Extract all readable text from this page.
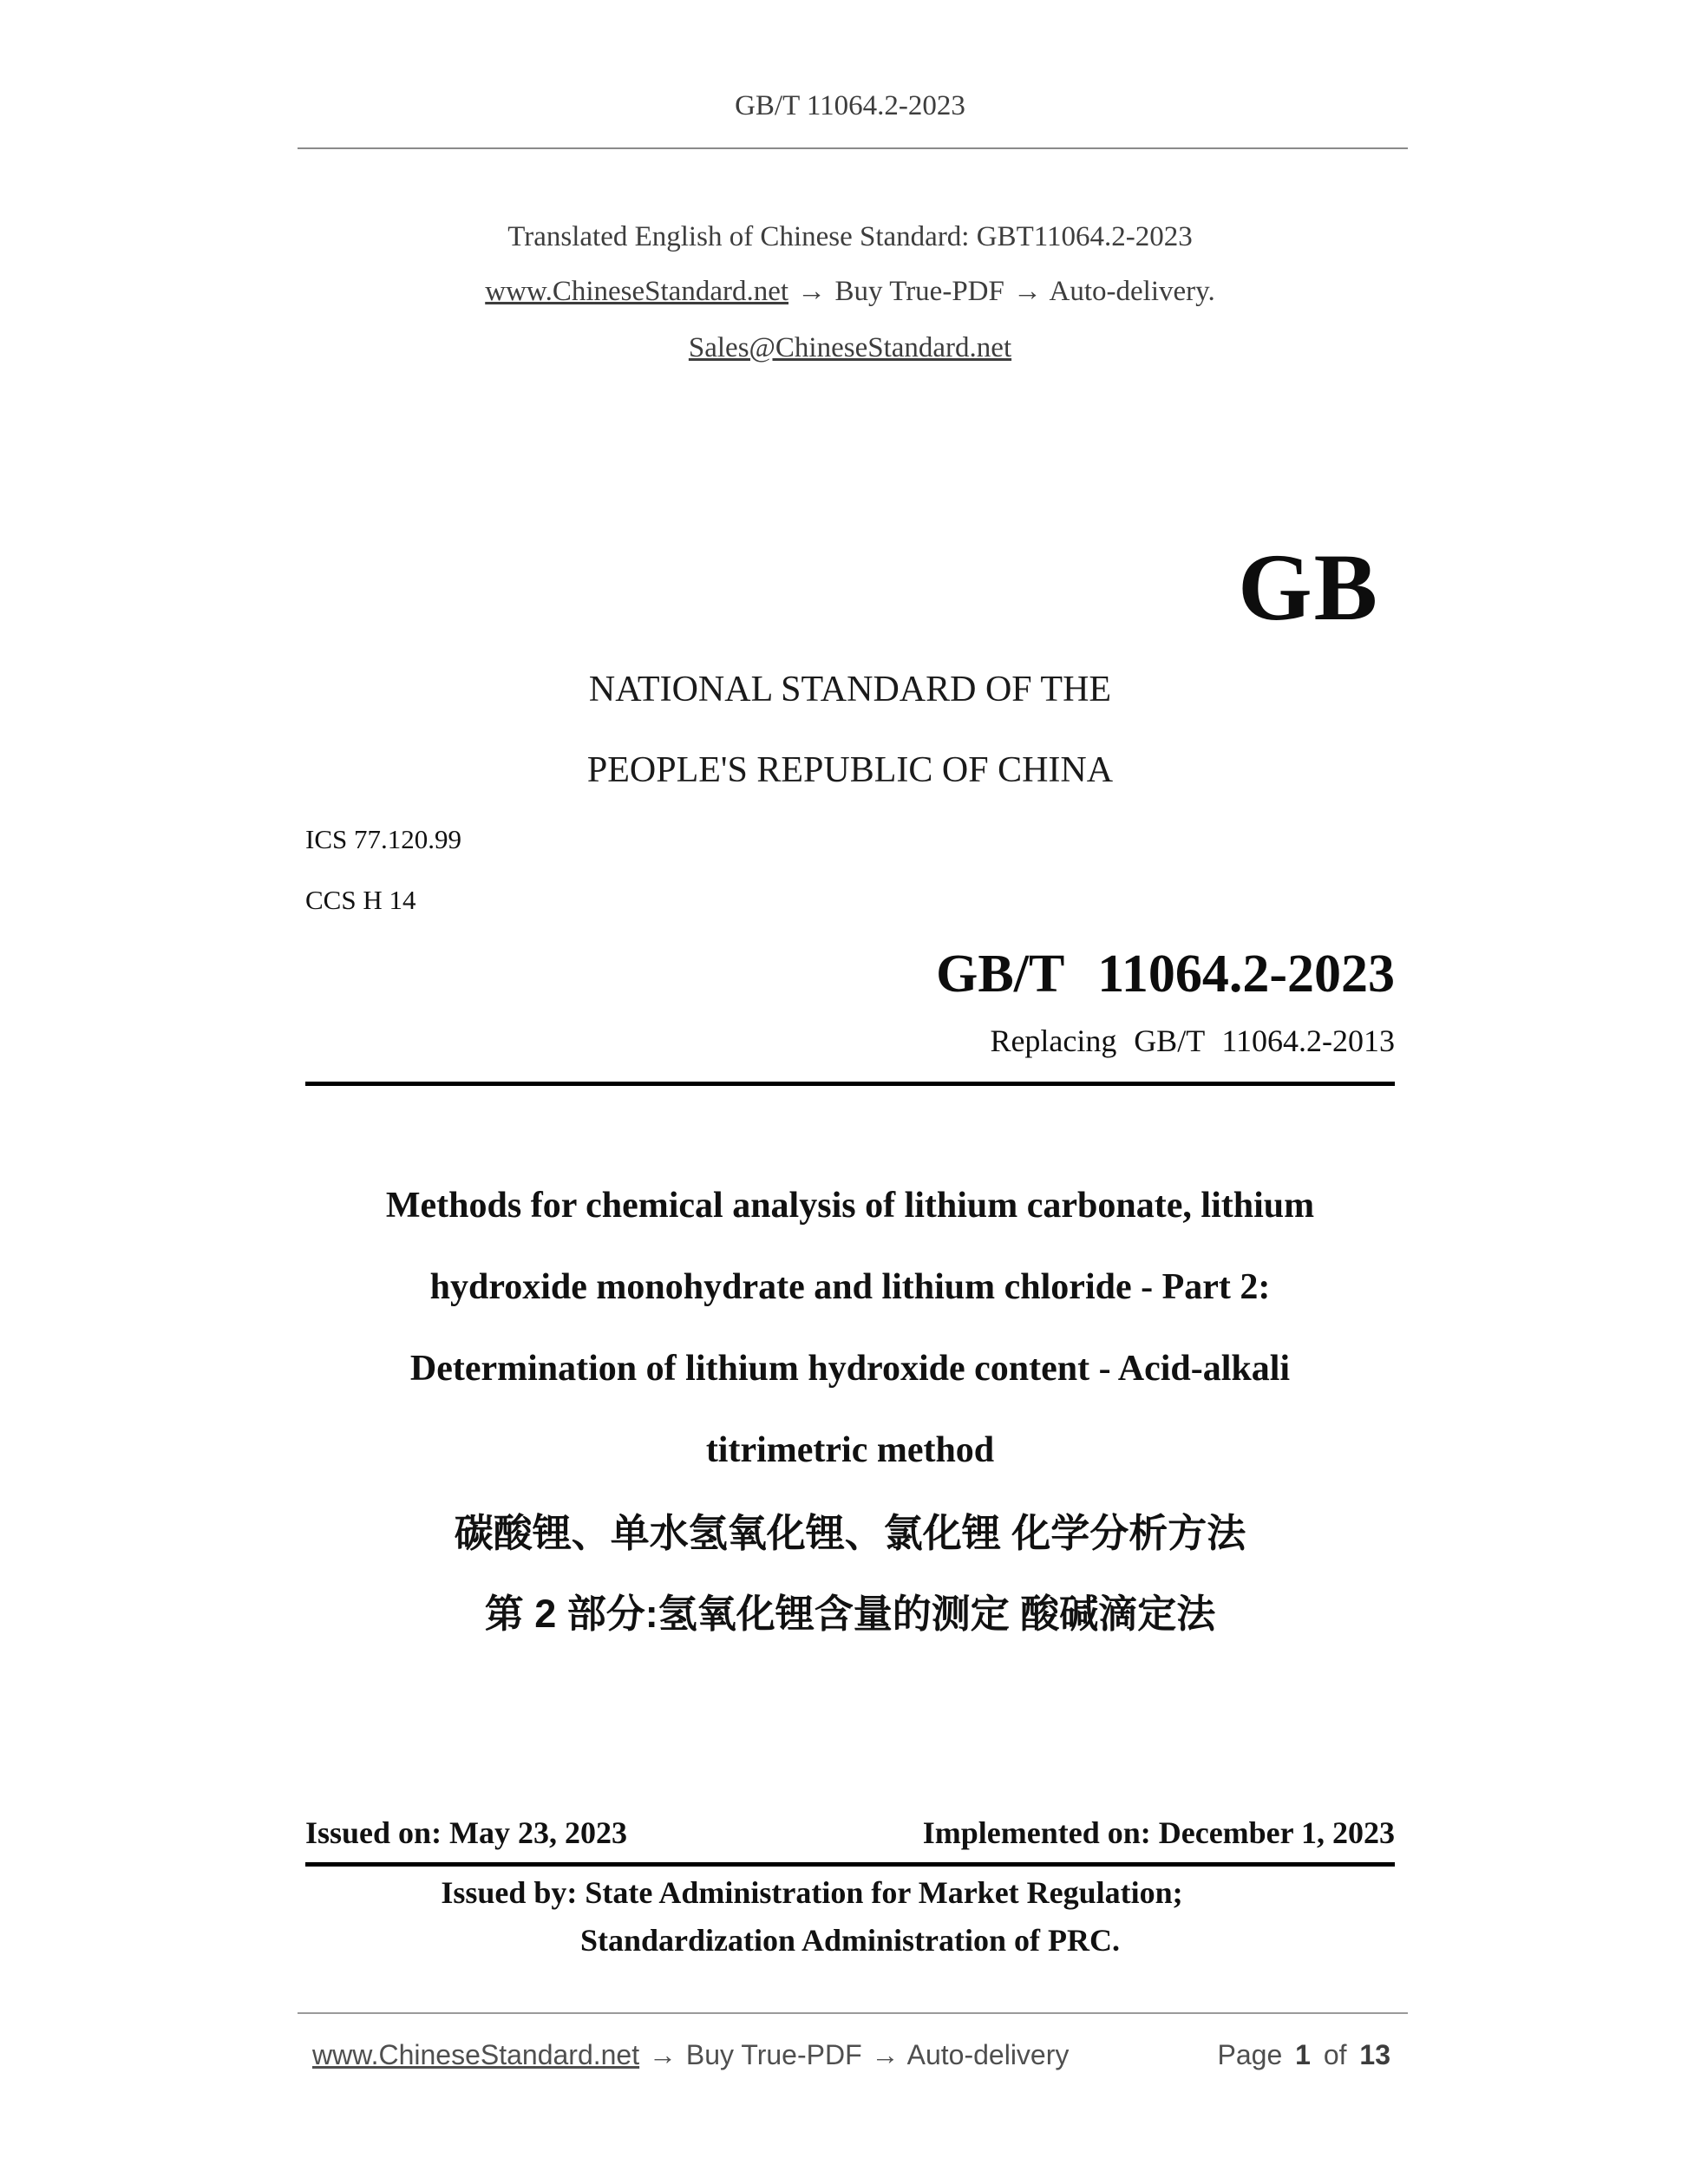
GB/T 11064.2-2023
Translated English of Chinese Standard: GBT11064.2-2023
www.ChineseStandard.net → Buy True-PDF → Auto-delivery.
Sales@ChineseStandard.net
GB
NATIONAL STANDARD OF THE
PEOPLE'S REPUBLIC OF CHINA
ICS 77.120.99
CCS H 14
GB/T 11064.2-2023
Replacing GB/T 11064.2-2013
Methods for chemical analysis of lithium carbonate, lithium
hydroxide monohydrate and lithium chloride - Part 2:
Determination of lithium hydroxide content - Acid-alkali
titrimetric method
碳酸锂、单水氢氧化锂、氯化锂 化学分析方法
第 2 部分:氢氧化锂含量的测定 酸碱滴定法
Issued on: May 23, 2023	Implemented on: December 1, 2023
Issued by: State Administration for Market Regulation;
Standardization Administration of PRC.
www.ChineseStandard.net → Buy True-PDF → Auto-delivery	Page 1 of 13
